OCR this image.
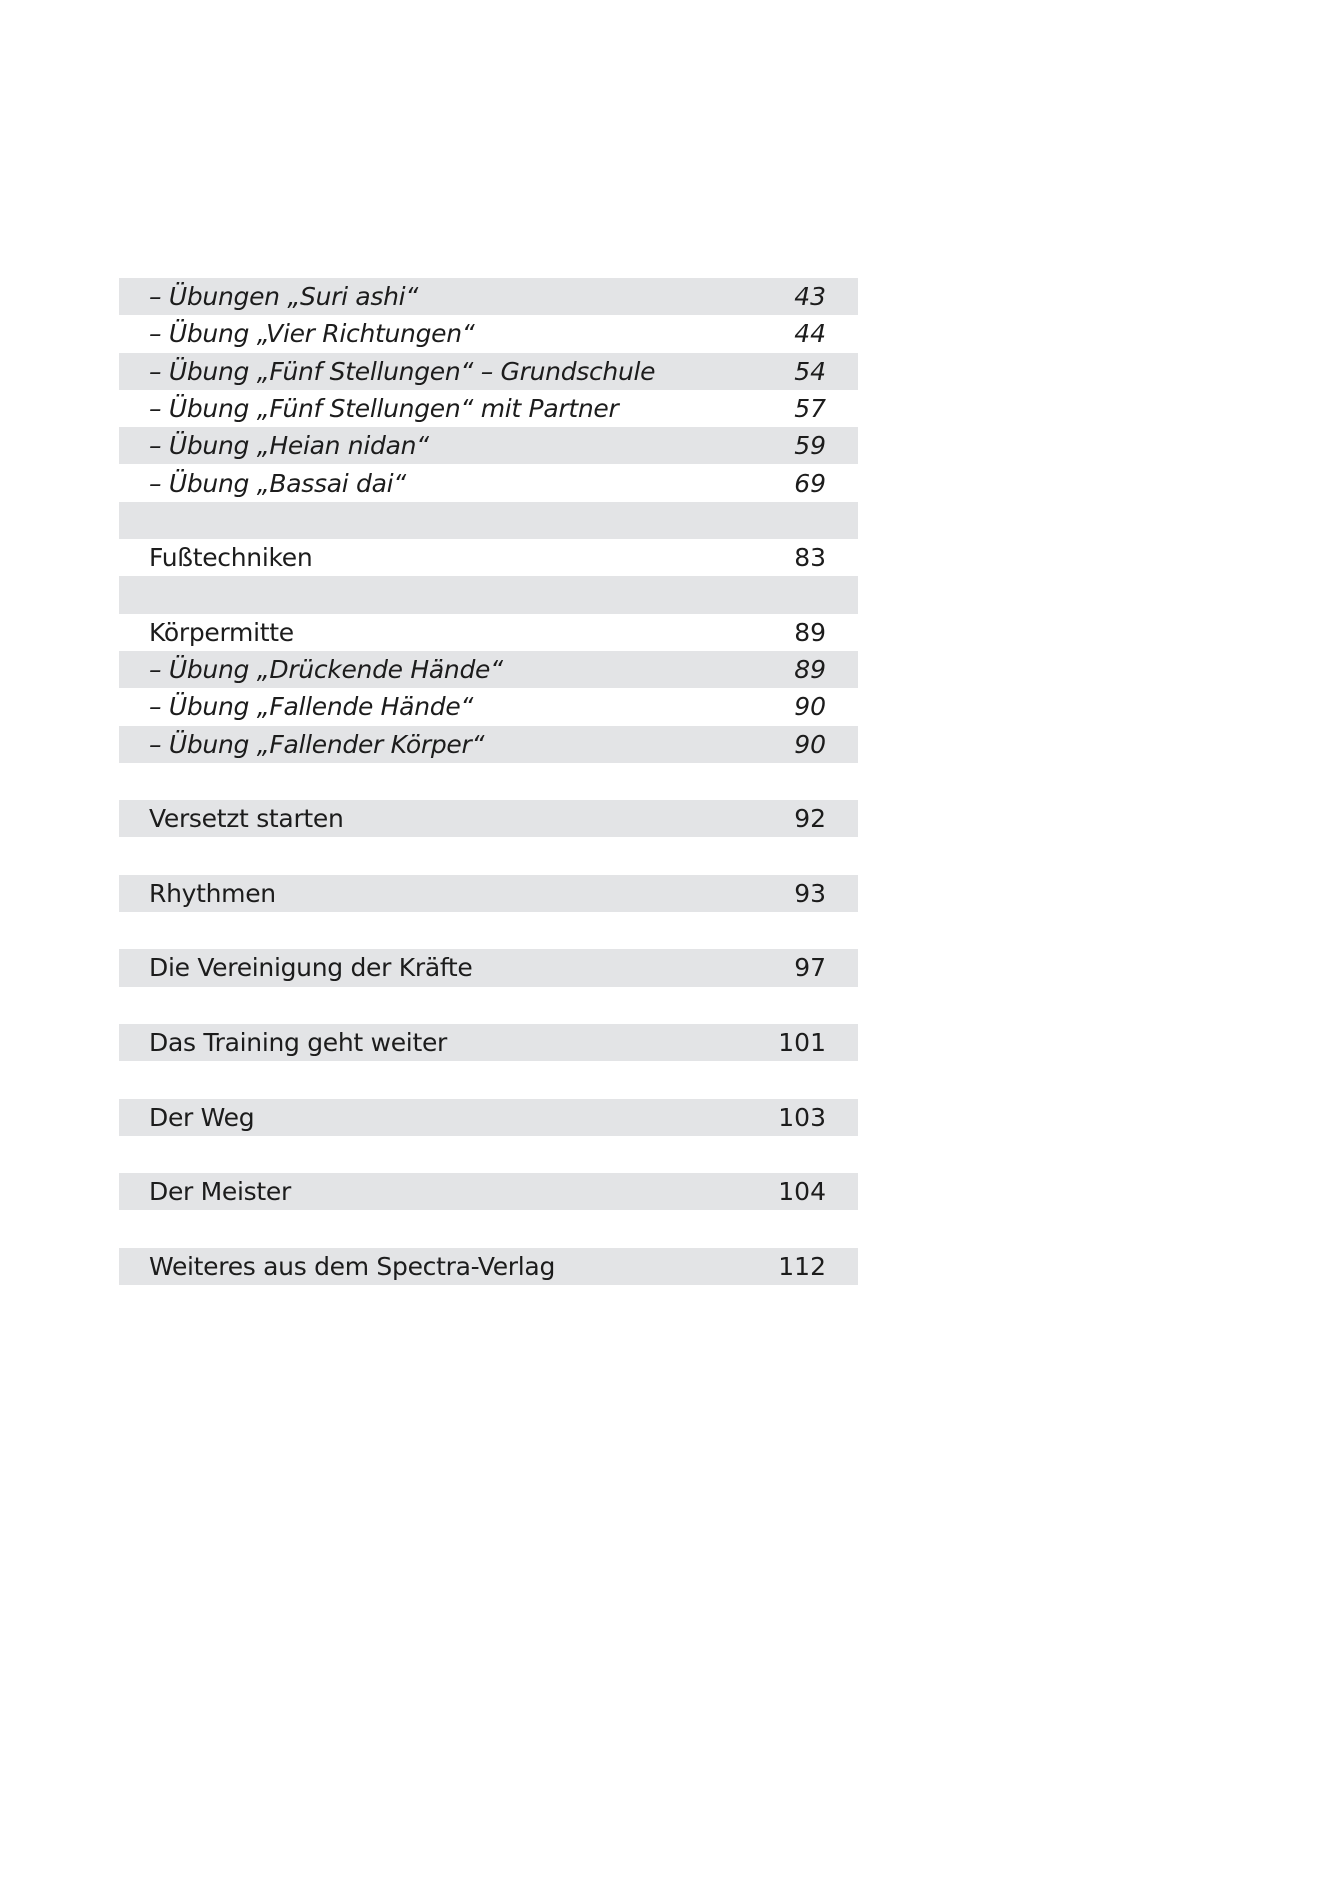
– Übungen „Suri ashi“	43
– Übung „Vier Richtungen“	44
– Übung „Fünf Stellungen“ – Grundschule	54
– Übung „Fünf Stellungen“ mit Partner	57
– Übung „Heian nidan“	59
– Übung „Bassai dai“	69
Fußtechniken	83
Körpermitte	89
– Übung „Drückende Hände“	89
– Übung „Fallende Hände“	90
– Übung „Fallender Körper“	90
Versetzt starten	92
Rhythmen	93
Die Vereinigung der Kräfte	97
Das Training geht weiter	101
Der Weg	103
Der Meister	104
Weiteres aus dem Spectra-Verlag	112
